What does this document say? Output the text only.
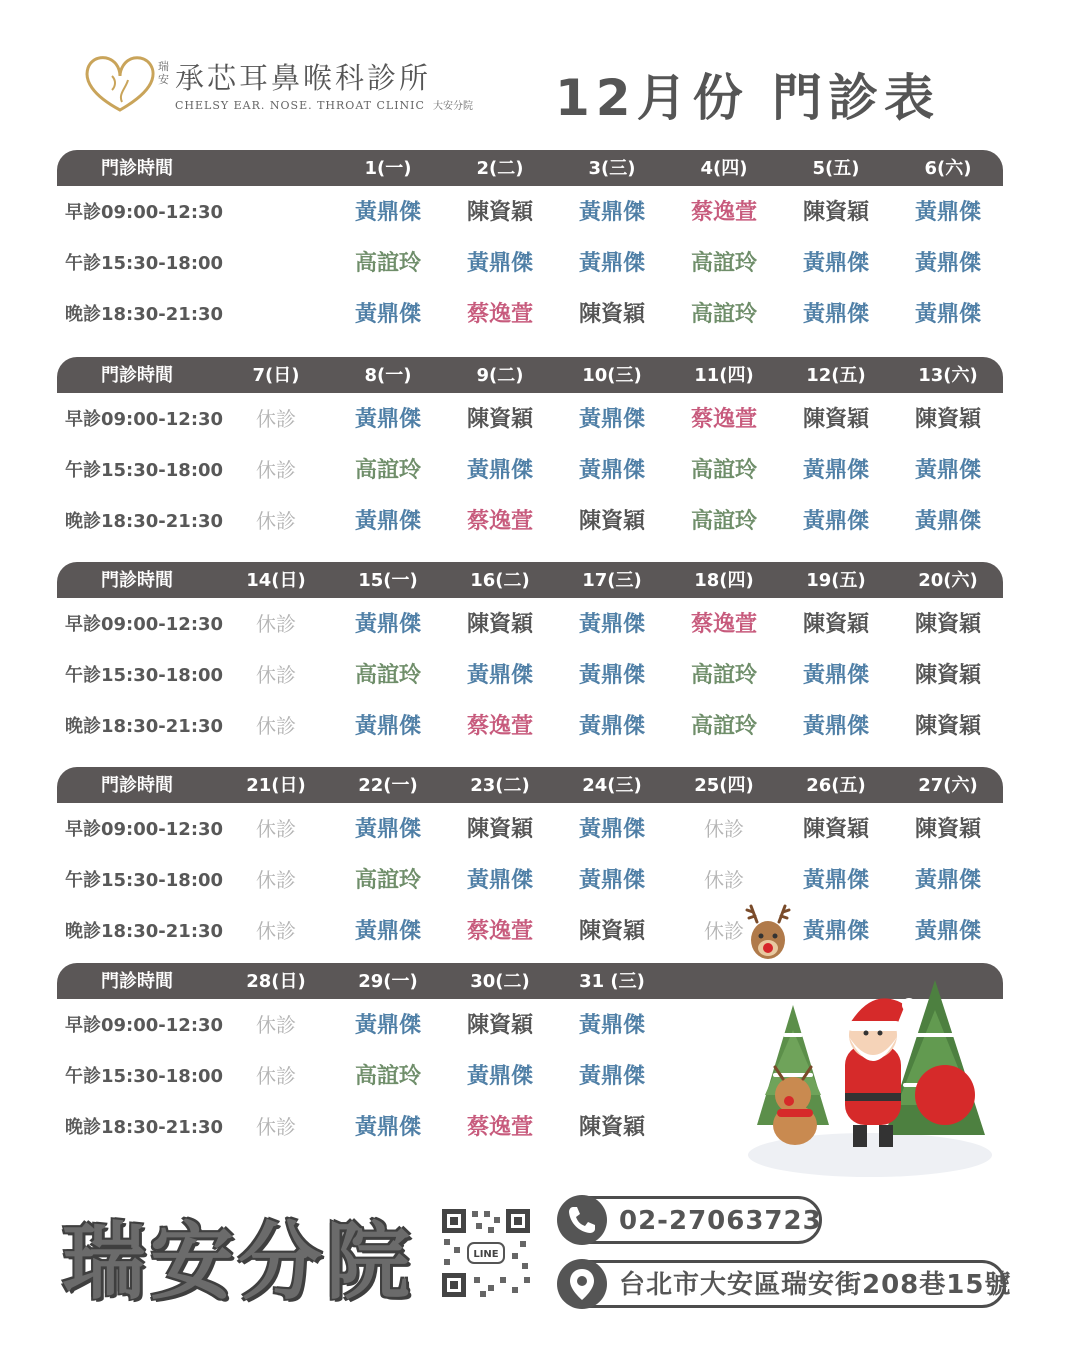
瑞安 承芯耳鼻喉科診所
CHELSY EAR. NOSE. THROAT CLINIC 大安分院 12月份 門診表
門診時間	1(一)	2(二)	3(三)	4(四)	5(五)	6(六)
早診09:00-12:30	黃鼎傑	陳資穎	黃鼎傑	蔡逸萱	陳資穎	黃鼎傑
午診15:30-18:00	高誼玲	黃鼎傑	黃鼎傑	高誼玲	黃鼎傑	黃鼎傑
晚診18:30-21:30	黃鼎傑	蔡逸萱	陳資穎	高誼玲	黃鼎傑	黃鼎傑
門診時間	7(日)	8(一)	9(二)	10(三)	11(四)	12(五)	13(六)
早診09:00-12:30	休診	黃鼎傑	陳資穎	黃鼎傑	蔡逸萱	陳資穎	陳資穎
午診15:30-18:00	休診	高誼玲	黃鼎傑	黃鼎傑	高誼玲	黃鼎傑	黃鼎傑
晚診18:30-21:30	休診	黃鼎傑	蔡逸萱	陳資穎	高誼玲	黃鼎傑	黃鼎傑
門診時間	14(日)	15(一)	16(二)	17(三)	18(四)	19(五)	20(六)
早診09:00-12:30	休診	黃鼎傑	陳資穎	黃鼎傑	蔡逸萱	陳資穎	陳資穎
午診15:30-18:00	休診	高誼玲	黃鼎傑	黃鼎傑	高誼玲	黃鼎傑	陳資穎
晚診18:30-21:30	休診	黃鼎傑	蔡逸萱	黃鼎傑	高誼玲	黃鼎傑	陳資穎
門診時間	21(日)	22(一)	23(二)	24(三)	25(四)	26(五)	27(六)
早診09:00-12:30	休診	黃鼎傑	陳資穎	黃鼎傑	休診	陳資穎	陳資穎
午診15:30-18:00	休診	高誼玲	黃鼎傑	黃鼎傑	休診	黃鼎傑	黃鼎傑
晚診18:30-21:30	休診	黃鼎傑	蔡逸萱	陳資穎	休診	黃鼎傑	黃鼎傑
門診時間	28(日)	29(一)	30(二)	31 (三)
早診09:00-12:30	休診	黃鼎傑	陳資穎	黃鼎傑
午診15:30-18:00	休診	高誼玲	黃鼎傑	黃鼎傑
晚診18:30-21:30	休診	黃鼎傑	蔡逸萱	陳資穎
瑞安分院	LINE
02-27063723
台北市大安區瑞安街208巷15號
